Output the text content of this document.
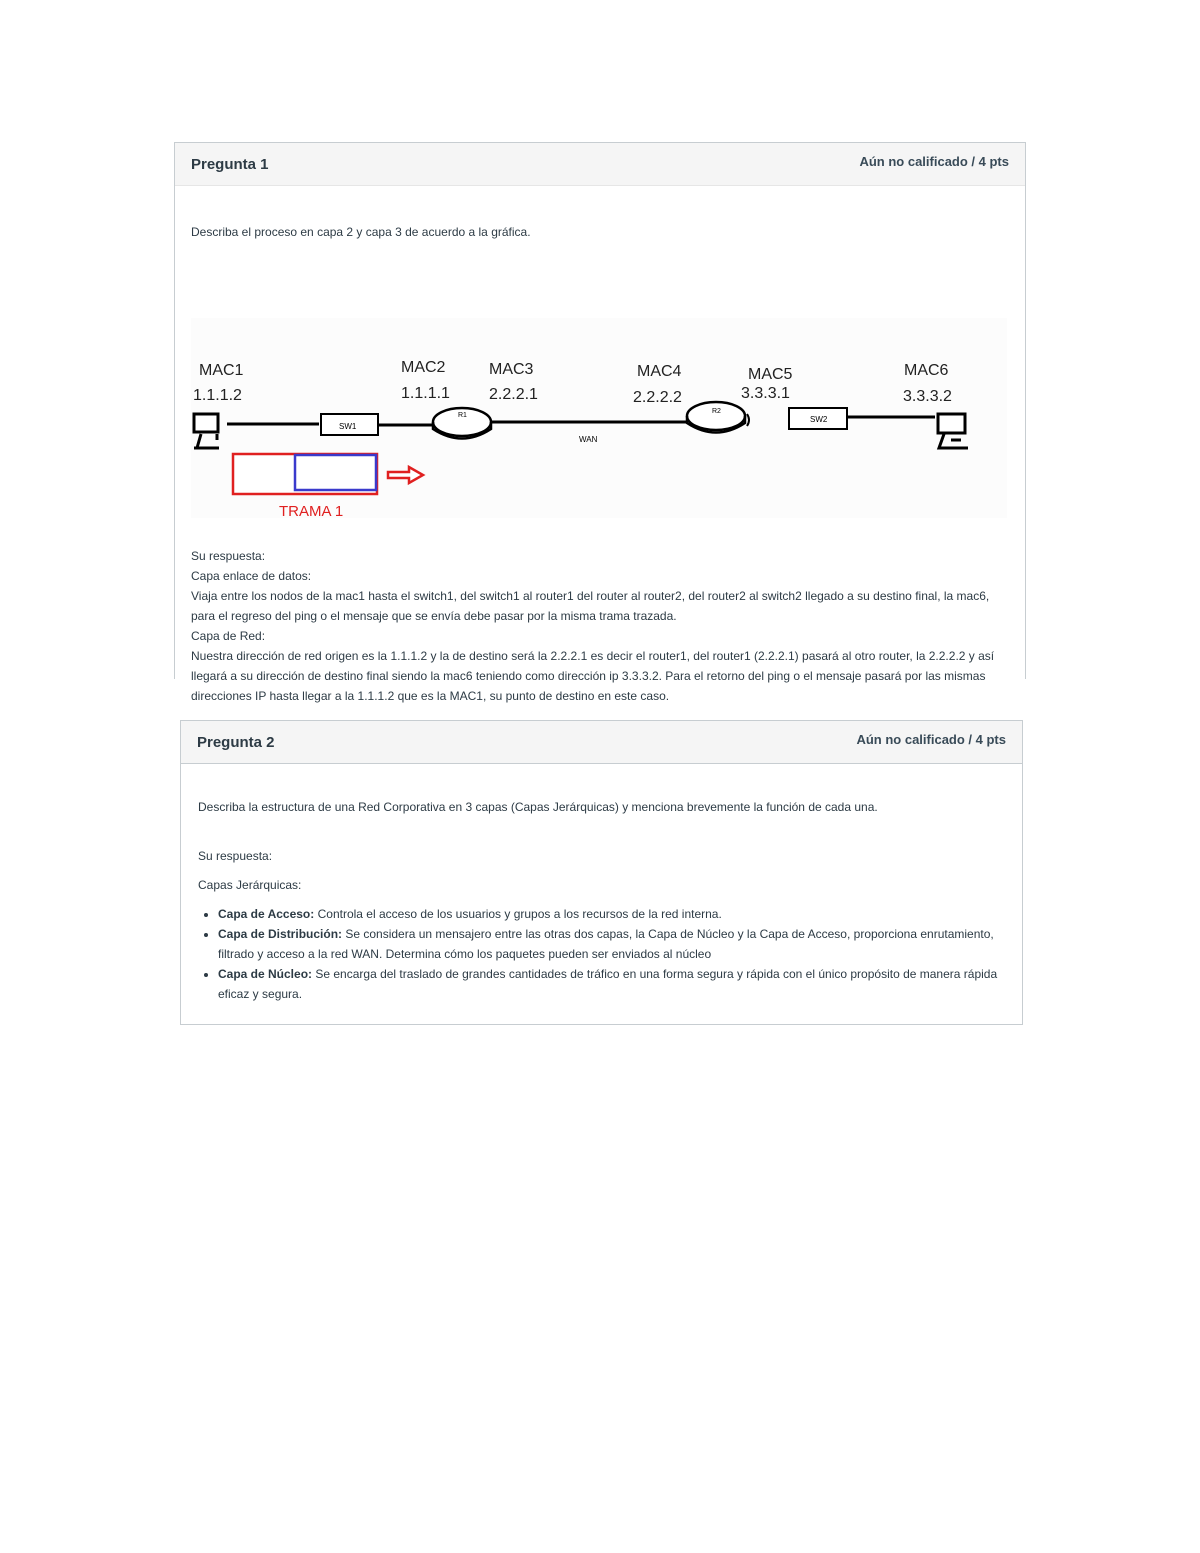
Pregunta 1	Aún no calificado / 4 pts
Describa el proceso en capa 2 y capa 3 de acuerdo a la gráfica.
MAC1
1.1.1.2
MAC2
1.1.1.1
MAC3
2.2.2.1
MAC4
2.2.2.2
MAC5
3.3.3.1
MAC6
3.3.3.2
SW1
R1
WAN
R2
SW2
TRAMA 1

Su respuesta:

Capa enlace de datos:

Viaja entre los nodos de la mac1 hasta el switch1, del switch1 al router1 del router al router2, del router2 al switch2 llegado a su destino final, la mac6, para el regreso del ping o el mensaje que se envía debe pasar por la misma trama trazada.

Capa de Red:

Nuestra dirección de red origen es la 1.1.1.2 y la de destino será la 2.2.2.1 es decir el router1, del router1 (2.2.2.1) pasará al otro router, la 2.2.2.2 y así llegará a su dirección de destino final siendo la mac6 teniendo como dirección ip 3.3.3.2. Para el retorno del ping o el mensaje pasará por las mismas direcciones IP hasta llegar a la 1.1.1.2 que es la MAC1, su punto de destino en este caso.

Pregunta 2	Aún no calificado / 4 pts
Describa la estructura de una Red Corporativa en 3 capas (Capas Jerárquicas) y menciona brevemente la función de cada una.
Su respuesta:
Capas Jerárquicas:
• Capa de Acceso: Controla el acceso de los usuarios y grupos a los recursos de la red interna.
• Capa de Distribución: Se considera un mensajero entre las otras dos capas, la Capa de Núcleo y la Capa de Acceso, proporciona enrutamiento, filtrado y acceso a la red WAN. Determina cómo los paquetes pueden ser enviados al núcleo
• Capa de Núcleo: Se encarga del traslado de grandes cantidades de tráfico en una forma segura y rápida con el único propósito de manera rápida eficaz y segura.
